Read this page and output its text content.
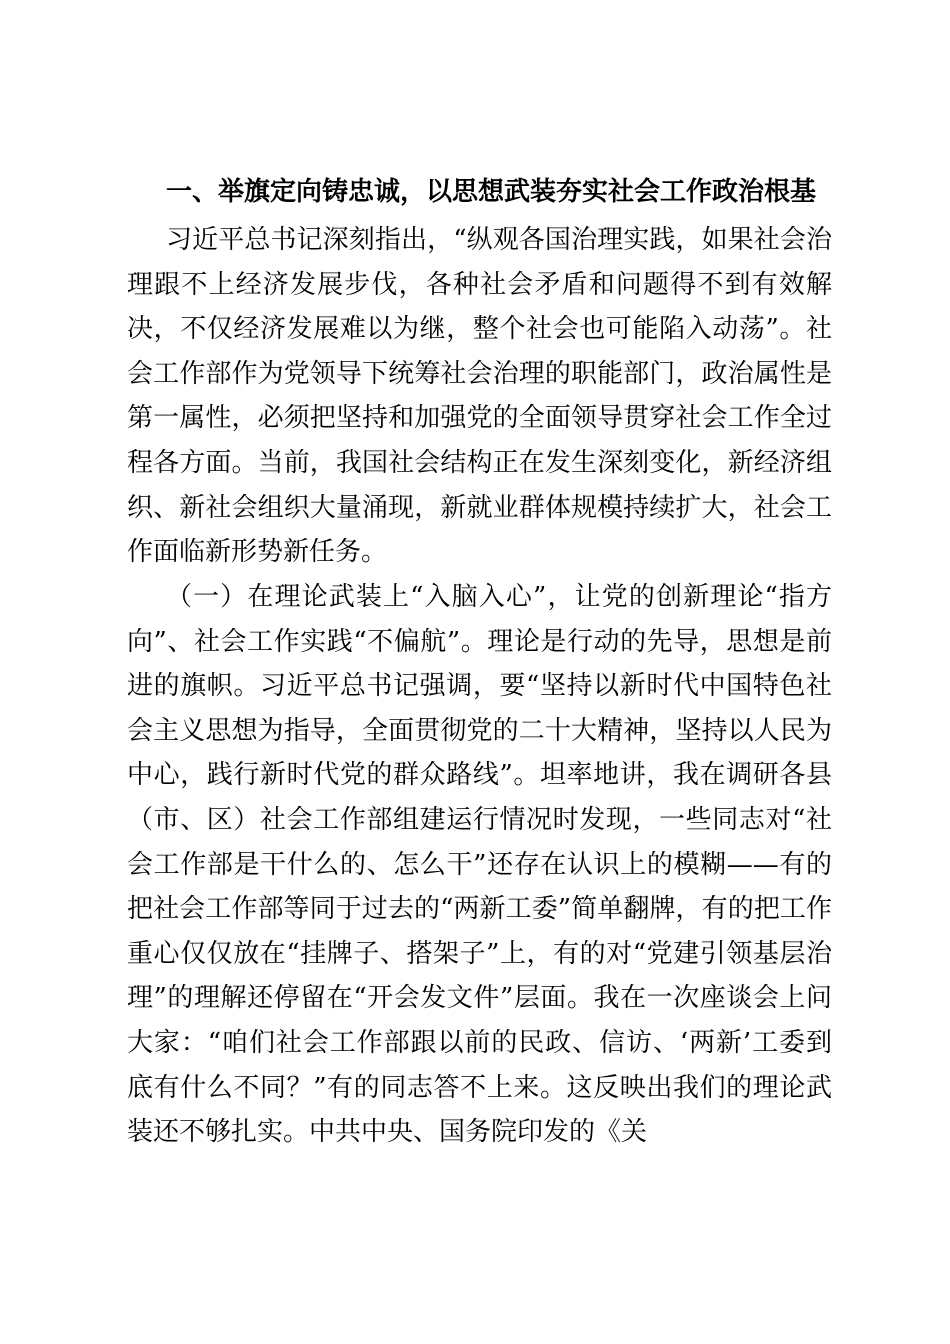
一、举旗定向铸忠诚，以思想武装夯实社会工作政治根基

习近平总书记深刻指出，“纵观各国治理实践，如果社会治理跟不上经济发展步伐，各种社会矛盾和问题得不到有效解决，不仅经济发展难以为继，整个社会也可能陷入动荡”。社会工作部作为党领导下统筹社会治理的职能部门，政治属性是第一属性，必须把坚持和加强党的全面领导贯穿社会工作全过程各方面。当前，我国社会结构正在发生深刻变化，新经济组织、新社会组织大量涌现，新就业群体规模持续扩大，社会工作面临新形势新任务。

（一）在理论武装上“入脑入心”，让党的创新理论“指方向”、社会工作实践“不偏航”。理论是行动的先导，思想是前进的旗帜。习近平总书记强调，要“坚持以新时代中国特色社会主义思想为指导，全面贯彻党的二十大精神，坚持以人民为中心，践行新时代党的群众路线”。坦率地讲，我在调研各县（市、区）社会工作部组建运行情况时发现，一些同志对“社会工作部是干什么的、怎么干”还存在认识上的模糊——有的把社会工作部等同于过去的“两新工委”简单翻牌，有的把工作重心仅仅放在“挂牌子、搭架子”上，有的对“党建引领基层治理”的理解还停留在“开会发文件”层面。我在一次座谈会上问大家：“咱们社会工作部跟以前的民政、信访、‘两新’工委到底有什么不同？”有的同志答不上来。这反映出我们的理论武装还不够扎实。中共中央、国务院印发的《关
